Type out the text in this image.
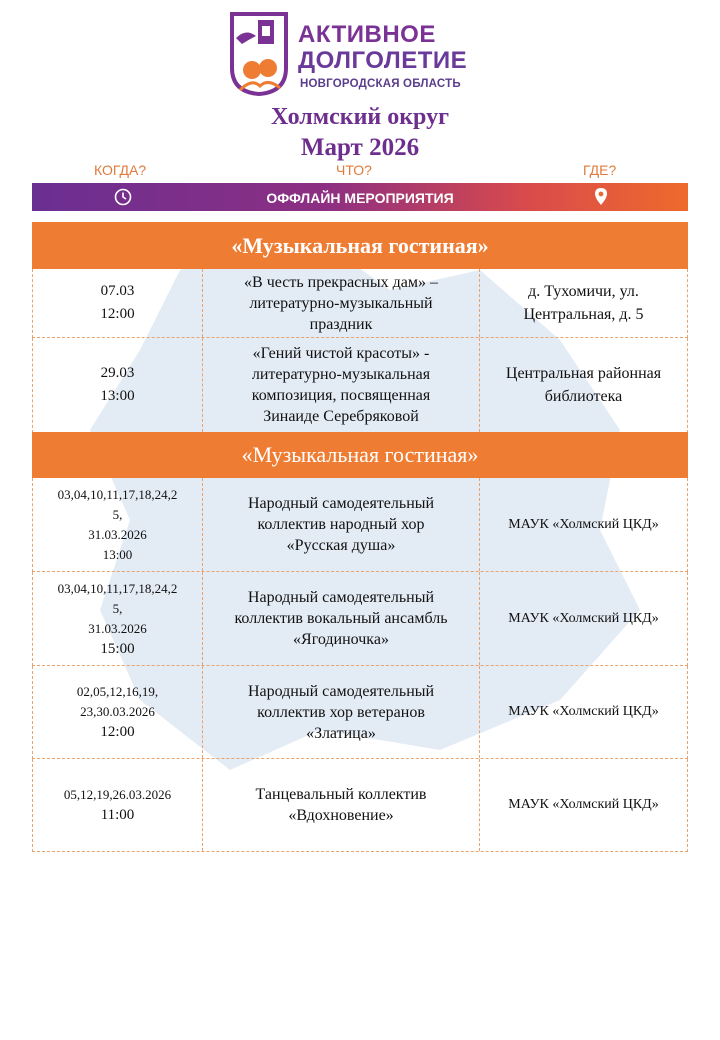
АКТИВНОЕ
ДОЛГОЛЕТИЕ
НОВГОРОДСКАЯ ОБЛАСТЬ
Холмский округ
Март 2026
КОГДА?	ЧТО?	ГДЕ?
ОФФЛАЙН МЕРОПРИЯТИЯ
«Музыкальная гостиная»
07.03
12:00
«В честь прекрасных дам» –
литературно-музыкальный
праздник
д. Тухомичи, ул.
Центральная, д. 5
29.03
13:00
«Гений чистой красоты» -
литературно-музыкальная
композиция, посвященная
Зинаиде Серебряковой
Центральная районная
библиотека
«Музыкальная гостиная»
03,04,10,11,17,18,24,2
5,
31.03.2026
13:00
Народный самодеятельный
коллектив народный хор
«Русская душа»
МАУК «Холмский ЦКД»
03,04,10,11,17,18,24,2
5,
31.03.2026
15:00
Народный самодеятельный
коллектив вокальный ансамбль
«Ягодиночка»
МАУК «Холмский ЦКД»
02,05,12,16,19,
23,30.03.2026
12:00
Народный самодеятельный
коллектив хор ветеранов
«Златица»
МАУК «Холмский ЦКД»
05,12,19,26.03.2026
11:00
Танцевальный коллектив
«Вдохновение»
МАУК «Холмский ЦКД»
